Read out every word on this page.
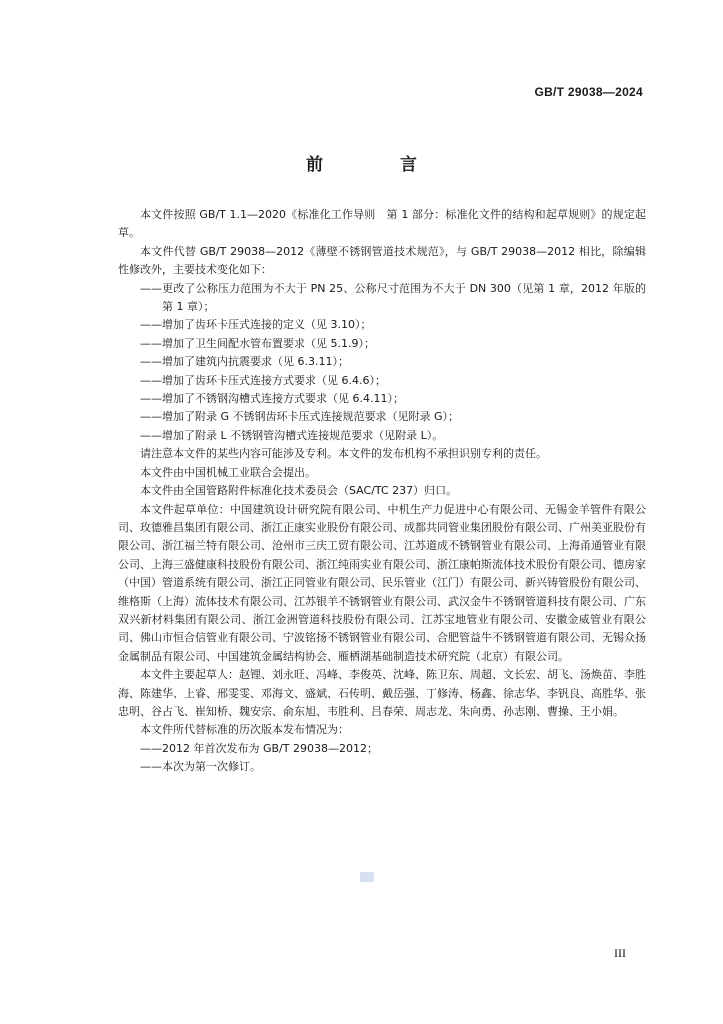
GB/T 29038—2024
前　言

本文件按照 GB/T 1.1—2020《标准化工作导则　第 1 部分：标准化文件的结构和起草规则》的规定起草。

本文件代替 GB/T 29038—2012《薄壁不锈钢管道技术规范》，与 GB/T 29038—2012 相比，除编辑性修改外，主要技术变化如下：

——更改了公称压力范围为不大于 PN 25、公称尺寸范围为不大于 DN 300（见第 1 章，2012 年版的第 1 章）；

——增加了齿环卡压式连接的定义（见 3.10）；

——增加了卫生间配水管布置要求（见 5.1.9）；

——增加了建筑内抗震要求（见 6.3.11）；

——增加了齿环卡压式连接方式要求（见 6.4.6）；

——增加了不锈钢沟槽式连接方式要求（见 6.4.11）；

——增加了附录 G 不锈钢齿环卡压式连接规范要求（见附录 G）；

——增加了附录 L 不锈钢管沟槽式连接规范要求（见附录 L）。

请注意本文件的某些内容可能涉及专利。本文件的发布机构不承担识别专利的责任。

本文件由中国机械工业联合会提出。

本文件由全国管路附件标准化技术委员会（SAC/TC 237）归口。

本文件起草单位：中国建筑设计研究院有限公司、中机生产力促进中心有限公司、无锡金羊管件有限公司、玫德雅昌集团有限公司、浙江正康实业股份有限公司、成都共同管业集团股份有限公司、广州美亚股份有限公司、浙江福兰特有限公司、沧州市三庆工贸有限公司、江苏道成不锈钢管业有限公司、上海甬通管业有限公司、上海三盛健康科技股份有限公司、浙江纯雨实业有限公司、浙江康帕斯流体技术股份有限公司、德房家（中国）管道系统有限公司、浙江正同管业有限公司、民乐管业（江门）有限公司、新兴铸管股份有限公司、维格斯（上海）流体技术有限公司、江苏银羊不锈钢管业有限公司、武汉金牛不锈钢管道科技有限公司、广东双兴新材料集团有限公司、浙江金洲管道科技股份有限公司、江苏宝地管业有限公司、安徽金威管业有限公司、佛山市恒合信管业有限公司、宁波铭扬不锈钢管业有限公司、合肥管益牛不锈钢管道有限公司、无锡众扬金属制品有限公司、中国建筑金属结构协会、雁栖湖基础制造技术研究院（北京）有限公司。

本文件主要起草人：赵锂、刘永旺、冯峰、李俊英、沈峰、陈卫东、周超、文长宏、胡飞、汤焕苗、李胜海、陈建华、上睿、邢雯雯、邓海文、盛斌、石传明、戴岳强、丁修涛、杨鑫、徐志华、李钒良、高胜华、张忠明、谷占飞、崔知桥、魏安宗、俞东旭、韦胜利、吕春荣、周志龙、朱向勇、孙志刚、曹操、王小娟。

本文件所代替标准的历次版本发布情况为：

——2012 年首次发布为 GB/T 29038—2012；

——本次为第一次修订。

III
